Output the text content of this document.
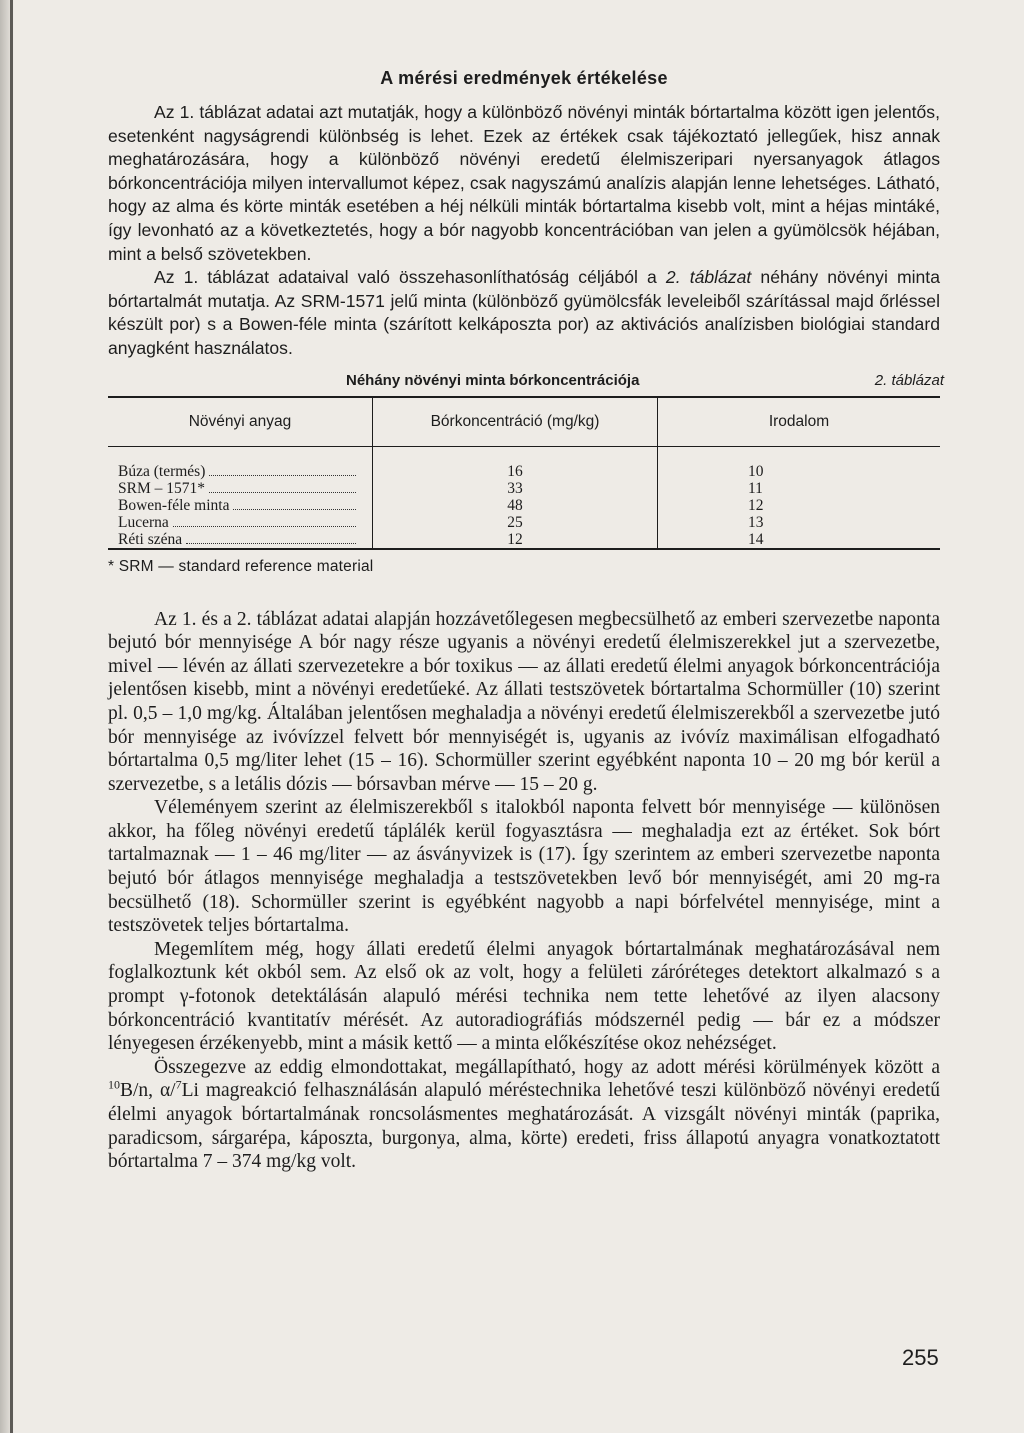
A mérési eredmények értékelése

Az 1. táblázat adatai azt mutatják, hogy a különböző növényi minták bórtartalma között igen jelentős, esetenként nagyságrendi különbség is lehet. Ezek az értékek csak tájékoztató jellegűek, hisz annak meghatározására, hogy a különböző növényi eredetű élelmiszeripari nyersanyagok átlagos bórkoncentrációja milyen intervallumot képez, csak nagyszámú analízis alapján lenne lehetséges. Látható, hogy az alma és körte minták esetében a héj nélküli minták bórtartalma kisebb volt, mint a héjas mintáké, így levonható az a következtetés, hogy a bór nagyobb koncentrációban van jelen a gyümölcsök héjában, mint a belső szövetekben.

Az 1. táblázat adataival való összehasonlíthatóság céljából a 2. táblázat néhány növényi minta bórtartalmát mutatja. Az SRM-1571 jelű minta (különböző gyümölcsfák leveleiből szárítással majd őrléssel készült por) s a Bowen-féle minta (szárított kelkáposzta por) az aktivációs analízisben biológiai standard anyagként használatos.

Néhány növényi minta bórkoncentrációja	2. táblázat
Növényi anyag	Bórkoncentráció (mg/kg)	Irodalom

Búza (termés)	16	10

SRM – 1571*	33	11

Bowen-féle minta	48	12

Lucerna	25	13

Réti széna	12	14
* SRM — standard reference material

Az 1. és a 2. táblázat adatai alapján hozzávetőlegesen megbecsülhető az emberi szervezetbe naponta bejutó bór mennyisége A bór nagy része ugyanis a növényi eredetű élelmiszerekkel jut a szervezetbe, mivel — lévén az állati szervezetekre a bór toxikus — az állati eredetű élelmi anyagok bórkoncentrációja jelentősen kisebb, mint a növényi eredetűeké. Az állati testszövetek bórtartalma Schormüller (10) szerint pl. 0,5 – 1,0 mg/kg. Általában jelentősen meghaladja a növényi eredetű élelmiszerekből a szervezetbe jutó bór mennyisége az ivóvízzel felvett bór mennyiségét is, ugyanis az ivóvíz maximálisan elfogadható bórtartalma 0,5 mg/liter lehet (15 – 16). Schormüller szerint egyébként naponta 10 – 20 mg bór kerül a szervezetbe, s a letális dózis — bórsavban mérve — 15 – 20 g.

Véleményem szerint az élelmiszerekből s italokból naponta felvett bór mennyisége — különösen akkor, ha főleg növényi eredetű táplálék kerül fogyasztásra — meghaladja ezt az értéket. Sok bórt tartalmaznak — 1 – 46 mg/liter — az ásványvizek is (17). Így szerintem az emberi szervezetbe naponta bejutó bór átlagos mennyisége meghaladja a testszövetekben levő bór mennyiségét, ami 20 mg-ra becsülhető (18). Schormüller szerint is egyébként nagyobb a napi bórfelvétel mennyisége, mint a testszövetek teljes bórtartalma.

Megemlítem még, hogy állati eredetű élelmi anyagok bórtartalmának meghatározásával nem foglalkoztunk két okból sem. Az első ok az volt, hogy a felületi záróréteges detektort alkalmazó s a prompt γ-fotonok detektálásán alapuló mérési technika nem tette lehetővé az ilyen alacsony bórkoncentráció kvantitatív mérését. Az autoradiográfiás módszernél pedig — bár ez a módszer lényegesen érzékenyebb, mint a másik kettő — a minta előkészítése okoz nehézséget.

Összegezve az eddig elmondottakat, megállapítható, hogy az adott mérési körülmények között a $^{10}$B/n, α/$^7$Li magreakció felhasználásán alapuló méréstechnika lehetővé teszi különböző növényi eredetű élelmi anyagok bórtartalmának roncsolásmentes meghatározását. A vizsgált növényi minták (paprika, paradicsom, sárgarépa, káposzta, burgonya, alma, körte) eredeti, friss állapotú anyagra vonatkoztatott bórtartalma 7 – 374 mg/kg volt.

255
